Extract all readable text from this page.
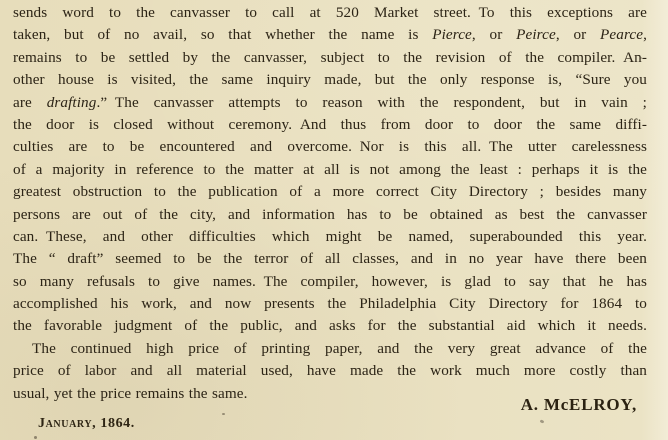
sends word to the canvasser to call at 520 Market street. To this exceptions are
taken, but of no avail, so that whether the name is Pierce, or Peirce, or Pearce,
remains to be settled by the canvasser, subject to the revision of the compiler. An-
other house is visited, the same inquiry made, but the only response is, “Sure you
are drafting.” The canvasser attempts to reason with the respondent, but in vain ;
the door is closed without ceremony. And thus from door to door the same diffi-
culties are to be encountered and overcome. Nor is this all. The utter carelessness
of a majority in reference to the matter at all is not among the least : perhaps it is the
greatest obstruction to the publication of a more correct City Directory ; besides many
persons are out of the city, and information has to be obtained as best the canvasser
can. These, and other difficulties which might be named, superabounded this year.
The “ draft” seemed to be the terror of all classes, and in no year have there been
so many refusals to give names. The compiler, however, is glad to say that he has
accomplished his work, and now presents the Philadelphia City Directory for 1864 to
the favorable judgment of the public, and asks for the substantial aid which it needs.
The continued high price of printing paper, and the very great advance of the
price of labor and all material used, have made the work much more costly than
usual, yet the price remains the same.
A. McELROY,
January, 1864.
